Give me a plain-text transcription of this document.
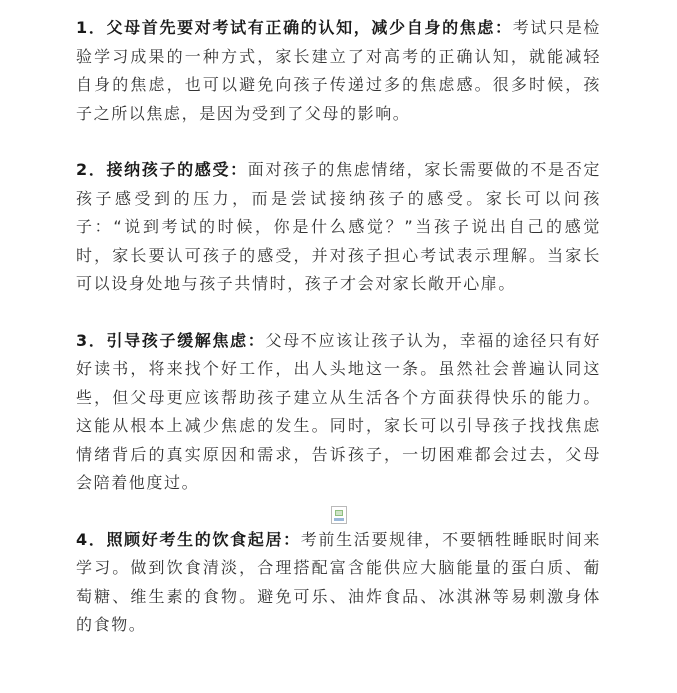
1．父母首先要对考试有正确的认知，减少自身的焦虑：考试只是检验学习成果的一种方式，家长建立了对高考的正确认知，就能减轻自身的焦虑，也可以避免向孩子传递过多的焦虑感。很多时候，孩子之所以焦虑，是因为受到了父母的影响。

2．接纳孩子的感受：面对孩子的焦虑情绪，家长需要做的不是否定孩子感受到的压力，而是尝试接纳孩子的感受。家长可以问孩子：“说到考试的时候，你是什么感觉？”当孩子说出自己的感觉时，家长要认可孩子的感受，并对孩子担心考试表示理解。当家长可以设身处地与孩子共情时，孩子才会对家长敞开心扉。

3．引导孩子缓解焦虑：父母不应该让孩子认为，幸福的途径只有好好读书，将来找个好工作，出人头地这一条。虽然社会普遍认同这些，但父母更应该帮助孩子建立从生活各个方面获得快乐的能力。这能从根本上减少焦虑的发生。同时，家长可以引导孩子找找焦虑情绪背后的真实原因和需求，告诉孩子，一切困难都会过去，父母会陪着他度过。

4．照顾好考生的饮食起居：考前生活要规律，不要牺牲睡眠时间来学习。做到饮食清淡，合理搭配富含能供应大脑能量的蛋白质、葡萄糖、维生素的食物。避免可乐、油炸食品、冰淇淋等易刺激身体的食物。
